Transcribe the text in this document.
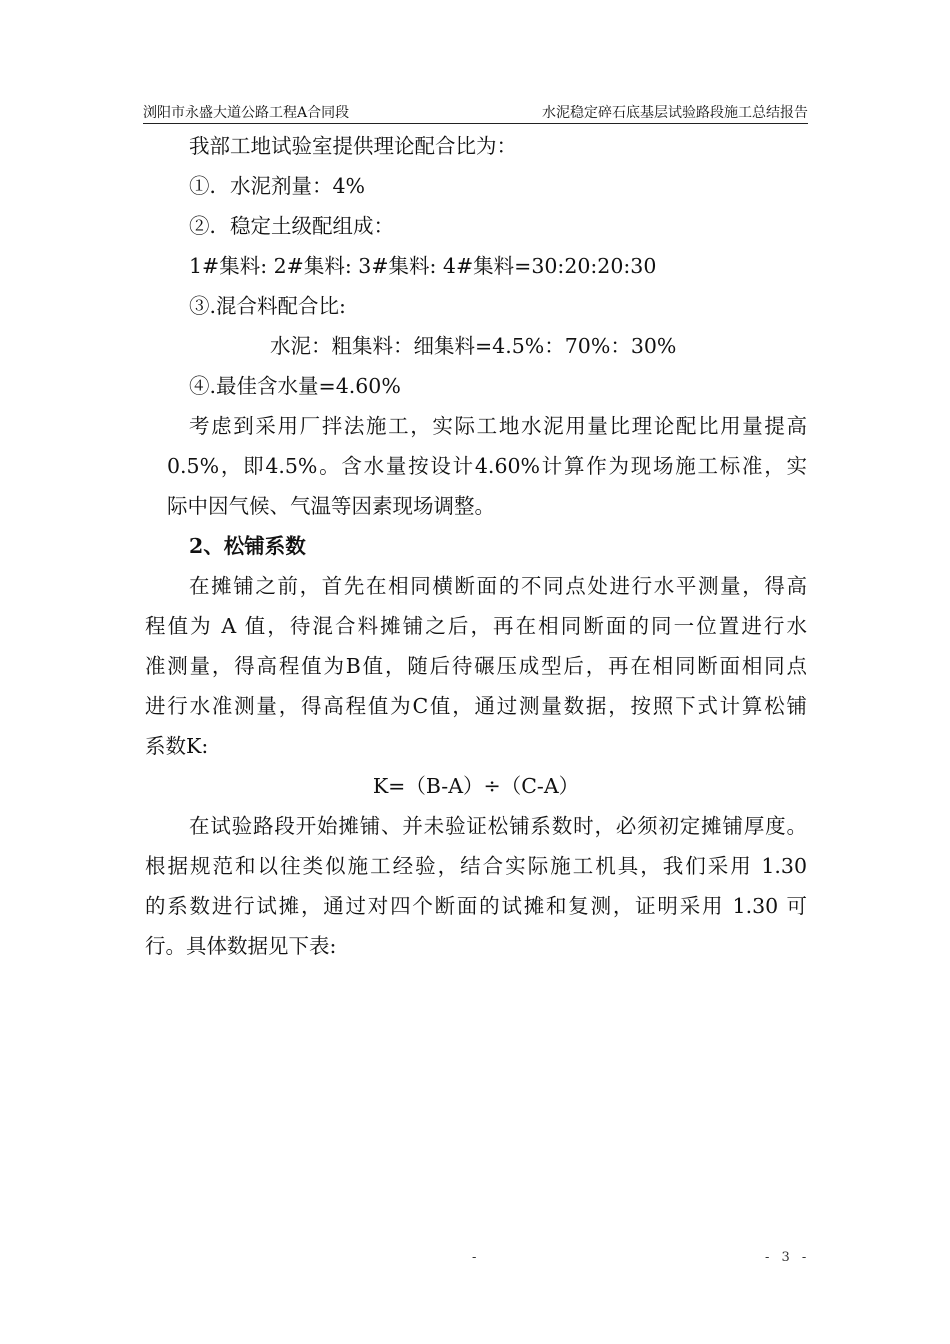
浏阳市永盛大道公路工程A合同段	水泥稳定碎石底基层试验路段施工总结报告
我部工地试验室提供理论配合比为：
①．水泥剂量：4%
②．稳定土级配组成：
1#集料: 2#集料: 3#集料: 4#集料=30:20:20:30
③.混合料配合比:
水泥：粗集料：细集料=4.5%：70%：30%
④.最佳含水量=4.60%
考虑到采用厂拌法施工，实际工地水泥用量比理论配比用量提高
0.5%，即4.5%。含水量按设计4.60%计算作为现场施工标准，实
际中因气候、气温等因素现场调整。
2、松铺系数
在摊铺之前，首先在相同横断面的不同点处进行水平测量，得高
程值为 A 值，待混合料摊铺之后，再在相同断面的同一位置进行水
准测量，得高程值为B值，随后待碾压成型后，再在相同断面相同点
进行水准测量，得高程值为C值，通过测量数据，按照下式计算松铺
系数K:
K=（B-A）÷（C-A）
在试验路段开始摊铺、并未验证松铺系数时，必须初定摊铺厚度。
根据规范和以往类似施工经验，结合实际施工机具，我们采用 1.30
的系数进行试摊，通过对四个断面的试摊和复测，证明采用 1.30 可
行。具体数据见下表:
-	- 3 -
